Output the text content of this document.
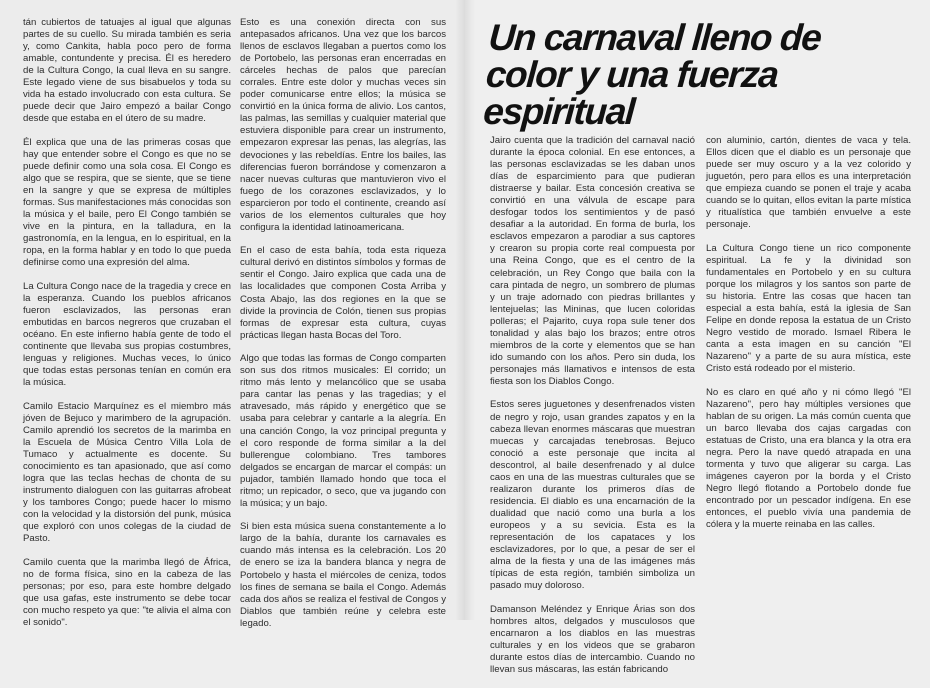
tán cubiertos de tatuajes al igual que algunas partes de su cuello. Su mirada también es seria y, como Cankita, habla poco pero de forma amable, contundente y precisa. Él es heredero de la Cultura Congo, la cual lleva en su sangre. Este legado viene de sus bisabuelos y toda su vida ha estado involucrado con esta cultura. Se puede decir que Jairo empezó a bailar Congo desde que estaba en el útero de su madre.

Él explica que una de las primeras cosas que hay que entender sobre el Congo es que no se puede definir como una sola cosa. El Congo es algo que se respira, que se siente, que se tiene en la sangre y que se expresa de múltiples formas. Sus manifestaciones más conocidas son la música y el baile, pero El Congo también se vive en la pintura, en la talladura, en la gastronomía, en la lengua, en lo espiritual, en la ropa, en la forma hablar y en todo lo que pueda definirse como una expresión del alma.

La Cultura Congo nace de la tragedia y crece en la esperanza. Cuando los pueblos africanos fueron esclavizados, las personas eran embutidas en barcos negreros que cruzaban el océano. En este infierno había gente de todo el continente que llevaba sus propias costumbres, lenguas y religiones. Muchas veces, lo único que todas estas personas tenían en común era la música.

Camilo Estacio Marquínez es el miembro más jóven de Bejuco y marimbero de la agrupación. Camilo aprendió los secretos de la marimba en la Escuela de Música Centro Villa Lola de Tumaco y actualmente es docente. Su conocimiento es tan apasionado, que así como logra que las teclas hechas de chonta de su instrumento dialoguen con las guitarras afrobeat y los tambores Congo; puede hacer lo mismo con la velocidad y la distorsión del punk, música que exploró con unos colegas de la ciudad de Pasto.

Camilo cuenta que la marimba llegó de África, no de forma física, sino en la cabeza de las personas; por eso, para este hombre delgado que usa gafas, este instrumento se debe tocar con mucho respeto ya que: "te alivia el alma con el sonido".

Esto es una conexión directa con sus antepasados africanos. Una vez que los barcos llenos de esclavos llegaban a puertos como los de Portobelo, las personas eran encerradas en cárceles hechas de palos que parecían corrales. Entre este dolor y muchas veces sin poder comunicarse entre ellos; la música se convirtió en la única forma de alivio. Los cantos, las palmas, las semillas y cualquier material que estuviera disponible para crear un instrumento, empezaron expresar las penas, las alegrías, las devociones y las rebeldías. Entre los bailes, las diferencias fueron borrándose y comenzaron a nacer nuevas culturas que mantuvieron vivo el fuego de los corazones esclavizados, y lo esparcieron por todo el continente, creando así varios de los elementos culturales que hoy configura la identidad latinoamericana.

En el caso de esta bahía, toda esta riqueza cultural derivó en distintos símbolos y formas de sentir el Congo. Jairo explica que cada una de las localidades que componen Costa Arriba y Costa Abajo, las dos regiones en la que se divide la provincia de Colón, tienen sus propias formas de expresar esta cultura, cuyas prácticas llegan hasta Bocas del Toro.

Algo que todas las formas de Congo comparten son sus dos ritmos musicales: El corrido; un ritmo más lento y melancólico que se usaba para cantar las penas y las tragedias; y el atravesado, más rápido y energético que se usaba para celebrar y cantarle a la alegría. En una canción Congo, la voz principal pregunta y el coro responde de forma similar a la del bullerengue colombiano. Tres tambores delgados se encargan de marcar el compás: un pujador, también llamado hondo que toca el ritmo; un repicador, o seco, que va jugando con la música; y un bajo.

Si bien esta música suena constantemente a lo largo de la bahía, durante los carnavales es cuando más intensa es la celebración. Los 20 de enero se iza la bandera blanca y negra de Portobelo y hasta el miércoles de ceniza, todos los fines de semana se baila el Congo. Además cada dos años se realiza el festival de Congos y Diablos que también reúne y celebra este legado.

Un carnaval lleno de color y una fuerza espiritual

Jairo cuenta que la tradición del carnaval nació durante la época colonial. En ese entonces, a las personas esclavizadas se les daban unos días de esparcimiento para que pudieran distraerse y bailar. Esta concesión creativa se convirtió en una válvula de escape para desfogar todos los sentimientos y de pasó desafiar a la autoridad. En forma de burla, los esclavos empezaron a parodiar a sus captores y crearon su propia corte real compuesta por una Reina Congo, que es el centro de la celebración, un Rey Congo que baila con la cara pintada de negro, un sombrero de plumas y un traje adornado con piedras brillantes y lentejuelas; las Mininas, que lucen coloridas polleras; el Pajarito, cuya ropa sule tener dos tonalidad y alas bajo los brazos; entre otros miembros de la corte y elementos que se han ido sumando con los años. Pero sin duda, los personajes más llamativos e intensos de esta fiesta son los Diablos Congo.

Estos seres juguetones y desenfrenados visten de negro y rojo, usan grandes zapatos y en la cabeza llevan enormes máscaras que muestran muecas y carcajadas tenebrosas. Bejuco conoció a este personaje que incita al descontrol, al baile desenfrenado y al dulce caos en una de las muestras culturales que se realizaron durante los primeros días de residencia. El diablo es una encarnación de la dualidad que nació como una burla a los europeos y a su sevicia. Esta es la representación de los capataces y los esclavizadores, por lo que, a pesar de ser el alma de la fiesta y una de las imágenes más típicas de esta región, también simboliza un pasado muy doloroso.

Damanson Meléndez y Enrique Árias son dos hombres altos, delgados y musculosos que encarnaron a los diablos en las muestras culturales y en los videos que se grabaron durante estos días de intercambio. Cuando no llevan sus máscaras, las están fabricando

con aluminio, cartón, dientes de vaca y tela. Ellos dicen que el diablo es un personaje que puede ser muy oscuro y a la vez colorido y juguetón, pero para ellos es una interpretación que empieza cuando se ponen el traje y acaba cuando se lo quitan, ellos evitan la parte mística y ritualística que también envuelve a este personaje.

La Cultura Congo tiene un rico componente espiritual. La fe y la divinidad son fundamentales en Portobelo y en su cultura porque los milagros y los santos son parte de su historia. Entre las cosas que hacen tan especial a esta bahía, está la iglesia de San Felipe en donde reposa la estatua de un Cristo Negro vestido de morado. Ismael Ribera le canta a esta imagen en su canción "El Nazareno" y a parte de su aura mística, este Cristo está rodeado por el misterio.

No es claro en qué año y ni cómo llegó "El Nazareno", pero hay múltiples versiones que hablan de su origen. La más común cuenta que un barco llevaba dos cajas cargadas con estatuas de Cristo, una era blanca y la otra era negra. Pero la nave quedó atrapada en una tormenta y tuvo que aligerar su carga. Las imágenes cayeron por la borda y el Cristo Negro llegó flotando a Portobelo donde fue encontrado por un pescador indígena. En ese entonces, el pueblo vivía una pandemia de cólera y la muerte reinaba en las calles.
